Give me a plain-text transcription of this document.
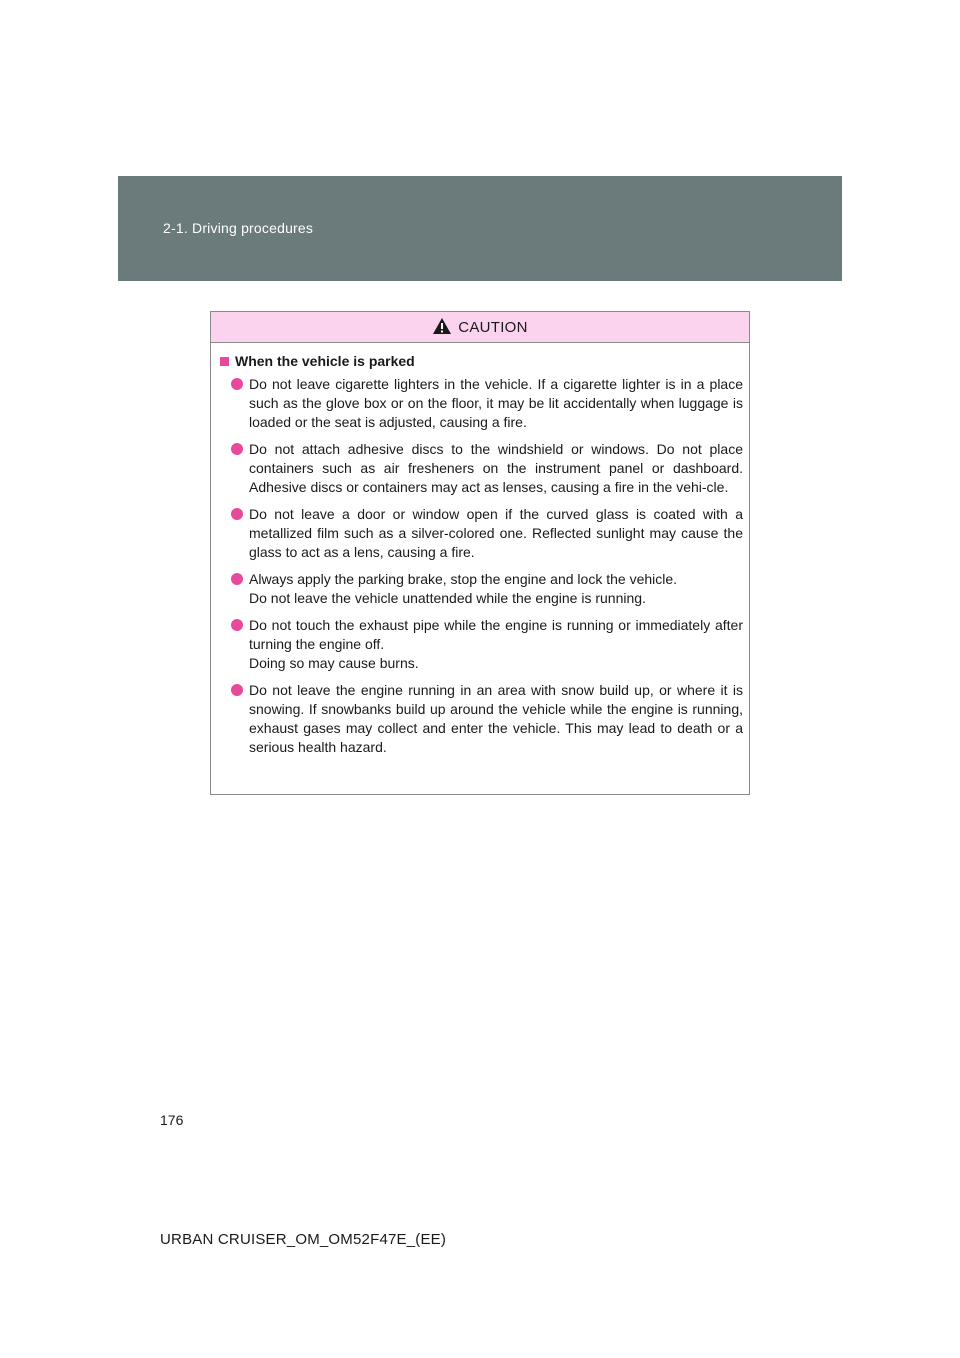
2-1. Driving procedures
CAUTION
When the vehicle is parked
Do not leave cigarette lighters in the vehicle. If a cigarette lighter is in a place such as the glove box or on the floor, it may be lit accidentally when luggage is loaded or the seat is adjusted, causing a fire.
Do not attach adhesive discs to the windshield or windows. Do not place containers such as air fresheners on the instrument panel or dashboard. Adhesive discs or containers may act as lenses, causing a fire in the vehi-cle.
Do not leave a door or window open if the curved glass is coated with a metallized film such as a silver-colored one. Reflected sunlight may cause the glass to act as a lens, causing a fire.
Always apply the parking brake, stop the engine and lock the vehicle.
Do not leave the vehicle unattended while the engine is running.
Do not touch the exhaust pipe while the engine is running or immediately after turning the engine off.
Doing so may cause burns.
Do not leave the engine running in an area with snow build up, or where it is snowing. If snowbanks build up around the vehicle while the engine is running, exhaust gases may collect and enter the vehicle. This may lead to death or a serious health hazard.
176
URBAN CRUISER_OM_OM52F47E_(EE)
